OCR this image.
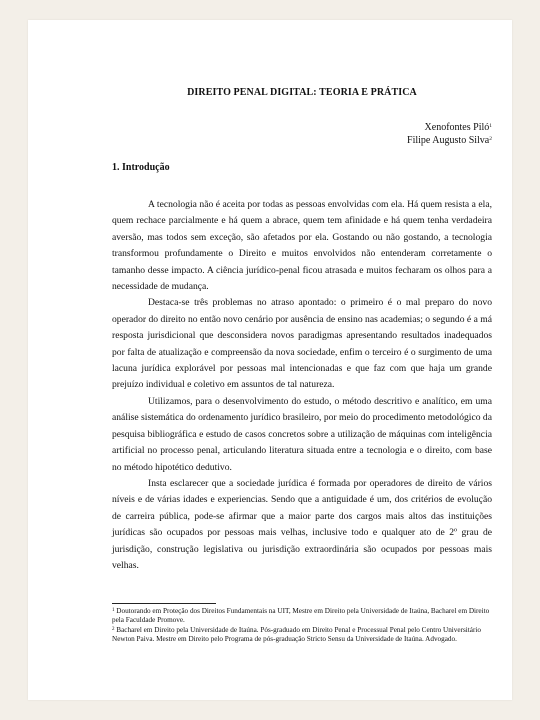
DIREITO PENAL DIGITAL: TEORIA E PRÁTICA
Xenofontes Piló$^1$
Filipe Augusto Silva$^2$
1. Introdução

A tecnologia não é aceita por todas as pessoas envolvidas com ela. Há quem resista a ela, quem rechace parcialmente e há quem a abrace, quem tem afinidade e há quem tenha verdadeira aversão, mas todos sem exceção, são afetados por ela. Gostando ou não gostando, a tecnologia transformou profundamente o Direito e muitos envolvidos não entenderam corretamente o tamanho desse impacto. A ciência jurídico-penal ficou atrasada e muitos fecharam os olhos para a necessidade de mudança.

Destaca-se três problemas no atraso apontado: o primeiro é o mal preparo do novo operador do direito no então novo cenário por ausência de ensino nas academias; o segundo é a má resposta jurisdicional que desconsidera novos paradigmas apresentando resultados inadequados por falta de atualização e compreensão da nova sociedade, enfim o terceiro é o surgimento de uma lacuna jurídica explorável por pessoas mal intencionadas e que faz com que haja um grande prejuízo individual e coletivo em assuntos de tal natureza.

Utilizamos, para o desenvolvimento do estudo, o método descritivo e analítico, em uma análise sistemática do ordenamento jurídico brasileiro, por meio do procedimento metodológico da pesquisa bibliográfica e estudo de casos concretos sobre a utilização de máquinas com inteligência artificial no processo penal, articulando literatura situada entre a tecnologia e o direito, com base no método hipotético dedutivo.

Insta esclarecer que a sociedade jurídica é formada por operadores de direito de vários níveis e de várias idades e experiencias. Sendo que a antiguidade é um, dos critérios de evolução de carreira pública, pode-se afirmar que a maior parte dos cargos mais altos das instituições jurídicas são ocupados por pessoas mais velhas, inclusive todo e qualquer ato de 2º grau de jurisdição, construção legislativa ou jurisdição extraordinária são ocupados por pessoas mais velhas.

$^1$ Doutorando em Proteção dos Direitos Fundamentais na UIT, Mestre em Direito pela Universidade de Itaúna, Bacharel em Direito pela Faculdade Promove.

$^2$ Bacharel em Direito pela Universidade de Itaúna. Pós-graduado em Direito Penal e Processual Penal pelo Centro Universitário Newton Paiva. Mestre em Direito pelo Programa de pós-graduação Stricto Sensu da Universidade de Itaúna. Advogado.
